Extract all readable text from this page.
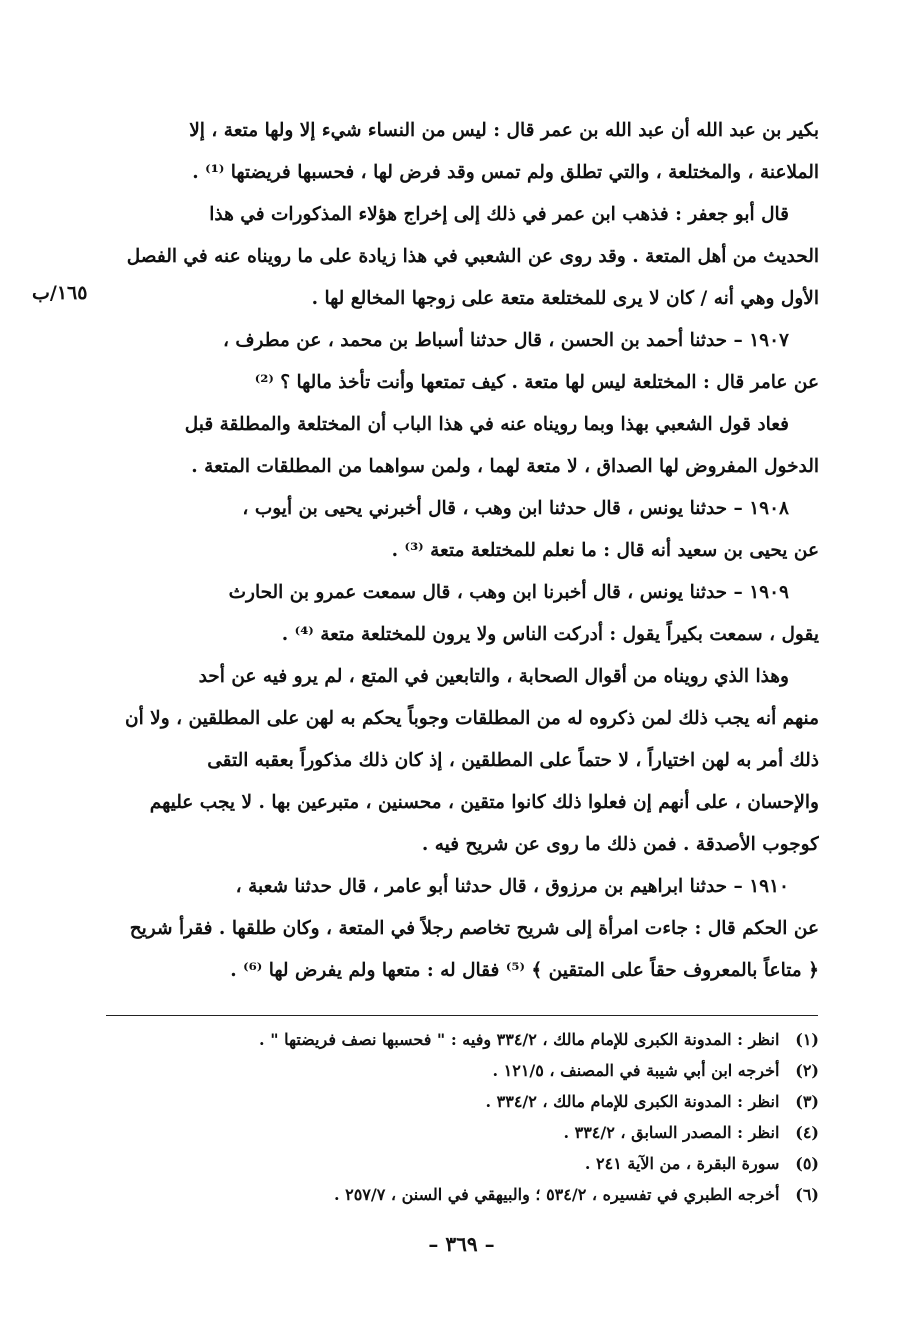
١٦٥/ب
بكير بن عبد الله أن عبد الله بن عمر قال : ليس من النساء شيء إلا ولها متعة ، إلا
الملاعنة ، والمختلعة ، والتي تطلق ولم تمس وقد فرض لها ، فحسبها فريضتها ⁽¹⁾ .
قال أبو جعفر : فذهب ابن عمر في ذلك إلى إخراج هؤلاء المذكورات في هذا
الحديث من أهل المتعة . وقد روى عن الشعبي في هذا زيادة على ما رويناه عنه في الفصل
الأول وهي أنه / كان لا يرى للمختلعة متعة على زوجها المخالع لها .
١٩٠٧ – حدثنا أحمد بن الحسن ، قال حدثنا أسباط بن محمد ، عن مطرف ،
عن عامر قال : المختلعة ليس لها متعة . كيف تمتعها وأنت تأخذ مالها ؟ ⁽²⁾
فعاد قول الشعبي بهذا وبما رويناه عنه في هذا الباب أن المختلعة والمطلقة قبل
الدخول المفروض لها الصداق ، لا متعة لهما ، ولمن سواهما من المطلقات المتعة .
١٩٠٨ – حدثنا يونس ، قال حدثنا ابن وهب ، قال أخبرني يحيى بن أيوب ،
عن يحيى بن سعيد أنه قال : ما نعلم للمختلعة متعة ⁽³⁾ .
١٩٠٩ – حدثنا يونس ، قال أخبرنا ابن وهب ، قال سمعت عمرو بن الحارث
يقول ، سمعت بكيراً يقول : أدركت الناس ولا يرون للمختلعة متعة ⁽⁴⁾ .
وهذا الذي رويناه من أقوال الصحابة ، والتابعين في المتع ، لم يرو فيه عن أحد
منهم أنه يجب ذلك لمن ذكروه له من المطلقات وجوباً يحكم به لهن على المطلقين ، ولا أن
ذلك أمر به لهن اختياراً ، لا حتماً على المطلقين ، إذ كان ذلك مذكوراً بعقبه التقى
والإحسان ، على أنهم إن فعلوا ذلك كانوا متقين ، محسنين ، متبرعين بها . لا يجب عليهم
كوجوب الأصدقة . فمن ذلك ما روى عن شريح فيه .
١٩١٠ – حدثنا ابراهيم بن مرزوق ، قال حدثنا أبو عامر ، قال حدثنا شعبة ،
عن الحكم قال : جاءت امرأة إلى شريح تخاصم رجلاً في المتعة ، وكان طلقها . فقرأ شريح
﴿ متاعاً بالمعروف حقاً على المتقين ﴾ ⁽⁵⁾ فقال له : متعها ولم يفرض لها ⁽⁶⁾ .
(١) انظر : المدونة الكبرى للإمام مالك ، ٣٣٤/٢ وفيه : " فحسبها نصف فريضتها " .
(٢) أخرجه ابن أبي شيبة في المصنف ، ١٢١/٥ .
(٣) انظر : المدونة الكبرى للإمام مالك ، ٣٣٤/٢ .
(٤) انظر : المصدر السابق ، ٣٣٤/٢ .
(٥) سورة البقرة ، من الآية ٢٤١ .
(٦) أخرجه الطبري في تفسيره ، ٥٣٤/٢ ؛ والبيهقي في السنن ، ٢٥٧/٧ .
– ٣٦٩ –
